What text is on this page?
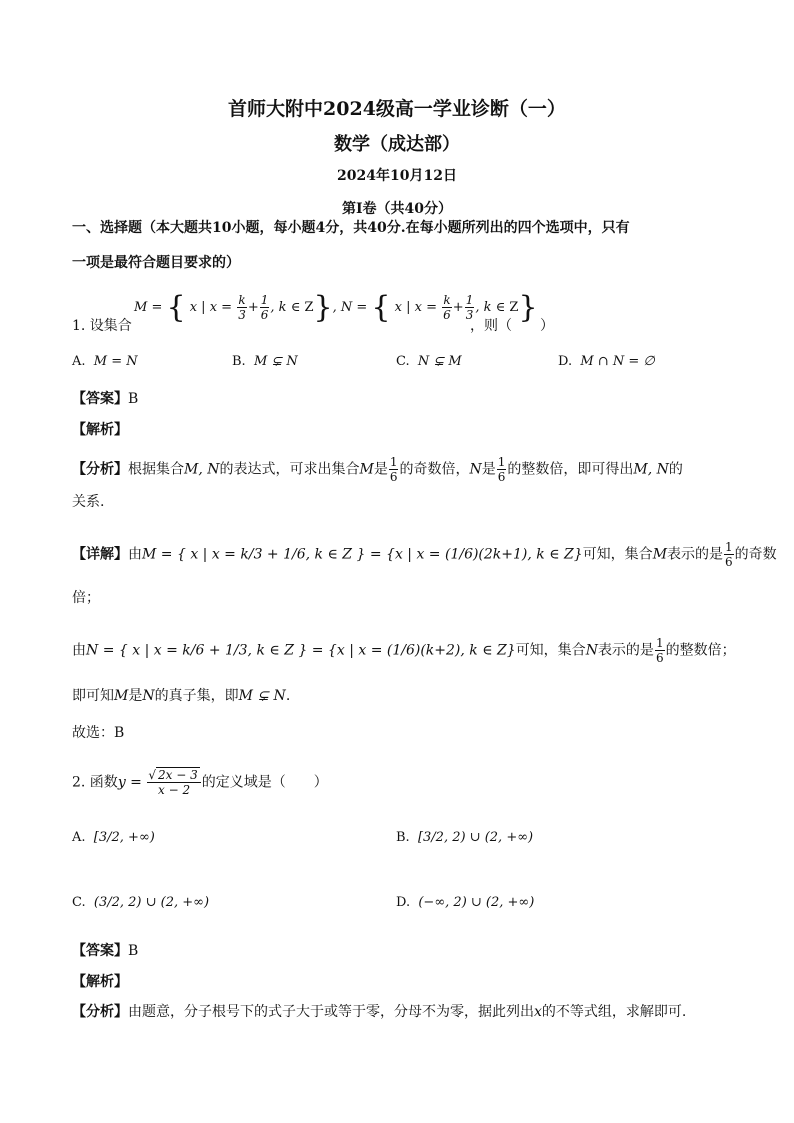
首师大附中2024级高一学业诊断（一）
数学（成达部）
2024年10月12日
第I卷（共40分）
一、选择题（本大题共10小题，每小题4分，共40分.在每小题所列出的四个选项中，只有
一项是最符合题目要求的）
1. 设集合
M = { x | $x = \frac{k}{3} + \frac{1}{6}$ , k ∈ Z}, N = { x | $x = \frac{k}{6} + \frac{1}{3}$ , k ∈ Z}
，则（　　）
A. M = N	B. M ⊊ N	C. N ⊊ M	D. M ∩ N = ∅
【答案】B
【解析】
【分析】根据集合M, N的表达式，可求出集合M是 $\frac{1}{6}$ 的奇数倍，N是 $\frac{1}{6}$ 的整数倍，即可得出M, N的
关系.
【详解】由M = { x | x = k/3 + 1/6, k ∈ Z } = {x | x = (1/6)(2k+1), k ∈ Z}可知，集合M表示的是 $\frac{1}{6}$ 的奇数
倍；
由N = { x | x = k/6 + 1/3, k ∈ Z } = {x | x = (1/6)(k+2), k ∈ Z}可知，集合N表示的是 $\frac{1}{6}$ 的整数倍；
即可知M是N的真子集，即M ⊊ N.
故选：B
2. 函数$y = \frac{√ 2x - 3}{x - 2}$ 的定义域是（　　）
A. [3/2, +∞)	B. [3/2, 2) ∪ (2, +∞)
C. (3/2, 2) ∪ (2, +∞)	D. (−∞, 2) ∪ (2, +∞)
【答案】B
【解析】
【分析】由题意，分子根号下的式子大于或等于零，分母不为零，据此列出x的不等式组，求解即可.
